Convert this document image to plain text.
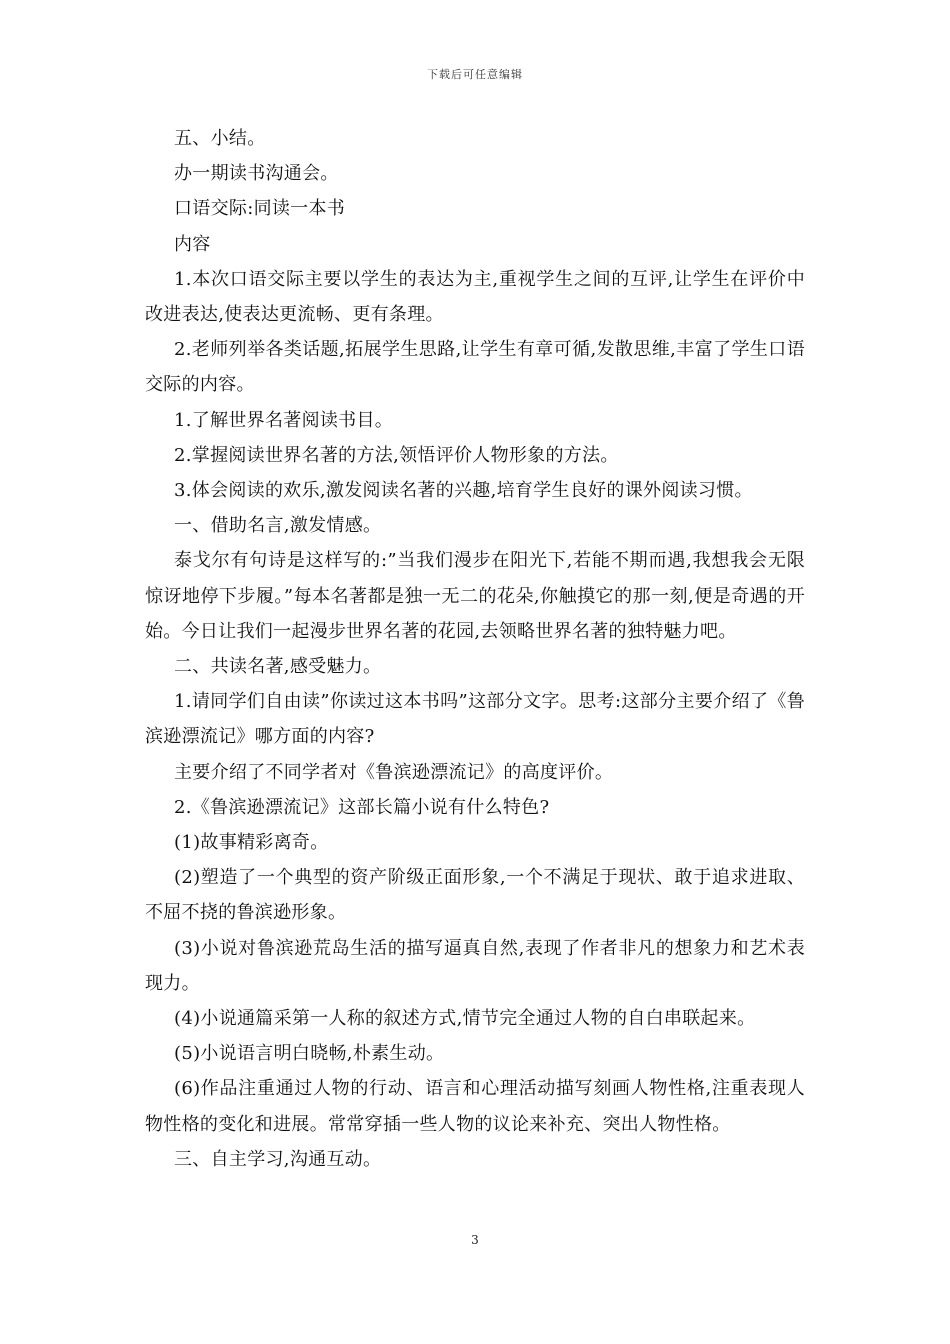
下载后可任意编辑

五、小结。

办一期读书沟通会。

口语交际:同读一本书

内容

1.本次口语交际主要以学生的表达为主,重视学生之间的互评,让学生在评价中改进表达,使表达更流畅、更有条理。

2.老师列举各类话题,拓展学生思路,让学生有章可循,发散思维,丰富了学生口语交际的内容。

1.了解世界名著阅读书目。

2.掌握阅读世界名著的方法,领悟评价人物形象的方法。

3.体会阅读的欢乐,激发阅读名著的兴趣,培育学生良好的课外阅读习惯。

一、借助名言,激发情感。

泰戈尔有句诗是这样写的:”当我们漫步在阳光下,若能不期而遇,我想我会无限惊讶地停下步履。”每本名著都是独一无二的花朵,你触摸它的那一刻,便是奇遇的开始。今日让我们一起漫步世界名著的花园,去领略世界名著的独特魅力吧。

二、共读名著,感受魅力。

1.请同学们自由读”你读过这本书吗”这部分文字。思考:这部分主要介绍了《鲁滨逊漂流记》哪方面的内容?

主要介绍了不同学者对《鲁滨逊漂流记》的高度评价。

2.《鲁滨逊漂流记》这部长篇小说有什么特色?

(1)故事精彩离奇。

(2)塑造了一个典型的资产阶级正面形象,一个不满足于现状、敢于追求进取、不屈不挠的鲁滨逊形象。

(3)小说对鲁滨逊荒岛生活的描写逼真自然,表现了作者非凡的想象力和艺术表现力。

(4)小说通篇采第一人称的叙述方式,情节完全通过人物的自白串联起来。

(5)小说语言明白晓畅,朴素生动。

(6)作品注重通过人物的行动、语言和心理活动描写刻画人物性格,注重表现人物性格的变化和进展。常常穿插一些人物的议论来补充、突出人物性格。

三、自主学习,沟通互动。

3
